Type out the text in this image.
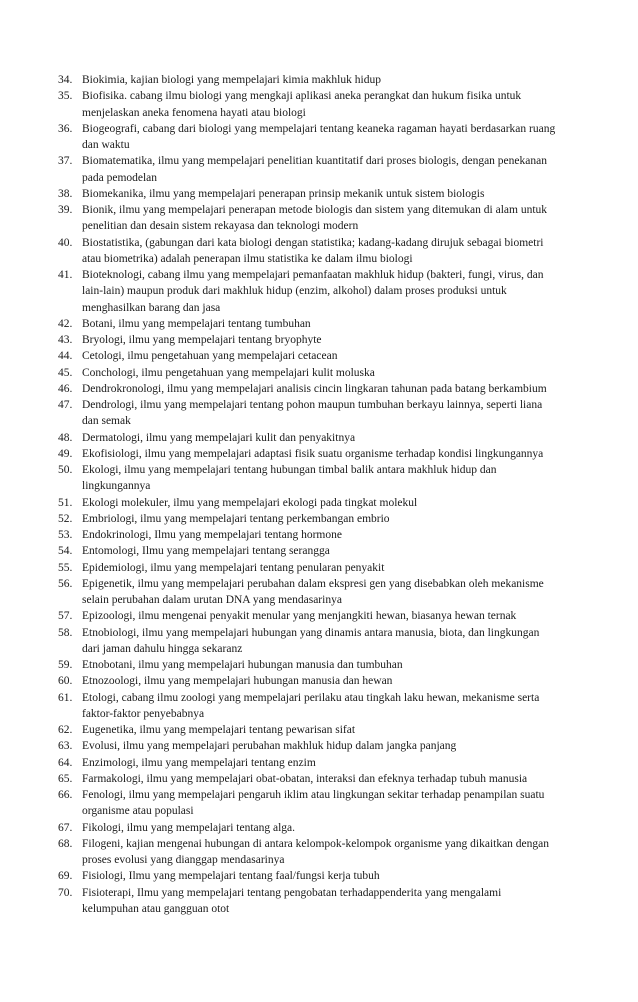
34. Biokimia, kajian biologi yang mempelajari kimia makhluk hidup
35. Biofisika. cabang ilmu biologi yang mengkaji aplikasi aneka perangkat dan hukum fisika untuk menjelaskan aneka fenomena hayati atau biologi
36. Biogeografi, cabang dari biologi yang mempelajari tentang keaneka ragaman hayati berdasarkan ruang dan waktu
37. Biomatematika, ilmu yang mempelajari penelitian kuantitatif dari proses biologis, dengan penekanan pada pemodelan
38. Biomekanika, ilmu yang mempelajari penerapan prinsip mekanik untuk sistem biologis
39. Bionik, ilmu yang mempelajari penerapan metode biologis dan sistem yang ditemukan di alam untuk penelitian dan desain sistem rekayasa dan teknologi modern
40. Biostatistika, (gabungan dari kata biologi dengan statistika; kadang-kadang dirujuk sebagai biometri atau biometrika) adalah penerapan ilmu statistika ke dalam ilmu biologi
41. Bioteknologi, cabang ilmu yang mempelajari pemanfaatan makhluk hidup (bakteri, fungi, virus, dan lain-lain) maupun produk dari makhluk hidup (enzim, alkohol) dalam proses produksi untuk menghasilkan barang dan jasa
42. Botani, ilmu yang mempelajari tentang tumbuhan
43. Bryologi, ilmu yang mempelajari tentang bryophyte
44. Cetologi, ilmu pengetahuan yang mempelajari cetacean
45. Conchologi, ilmu pengetahuan yang mempelajari kulit moluska
46. Dendrokronologi, ilmu yang mempelajari analisis cincin lingkaran tahunan pada batang berkambium
47. Dendrologi, ilmu yang mempelajari tentang pohon maupun tumbuhan berkayu lainnya, seperti liana dan semak
48. Dermatologi, ilmu yang mempelajari kulit dan penyakitnya
49. Ekofisiologi, ilmu yang mempelajari adaptasi fisik suatu organisme terhadap kondisi lingkungannya
50. Ekologi, ilmu yang mempelajari tentang hubungan timbal balik antara makhluk hidup dan lingkungannya
51. Ekologi molekuler, ilmu yang mempelajari ekologi pada tingkat molekul
52. Embriologi, ilmu yang mempelajari tentang perkembangan embrio
53. Endokrinologi, Ilmu yang mempelajari tentang hormone
54. Entomologi, Ilmu yang mempelajari tentang serangga
55. Epidemiologi, ilmu yang mempelajari tentang penularan penyakit
56. Epigenetik, ilmu yang mempelajari perubahan dalam ekspresi gen yang disebabkan oleh mekanisme selain perubahan dalam urutan DNA yang mendasarinya
57. Epizoologi, ilmu mengenai penyakit menular yang menjangkiti hewan, biasanya hewan ternak
58. Etnobiologi, ilmu yang mempelajari hubungan yang dinamis antara manusia, biota, dan lingkungan dari jaman dahulu hingga sekaranz
59. Etnobotani, ilmu yang mempelajari hubungan manusia dan tumbuhan
60. Etnozoologi, ilmu yang mempelajari hubungan manusia dan hewan
61. Etologi, cabang ilmu zoologi yang mempelajari perilaku atau tingkah laku hewan, mekanisme serta faktor-faktor penyebabnya
62. Eugenetika, ilmu yang mempelajari tentang pewarisan sifat
63. Evolusi, ilmu yang mempelajari perubahan makhluk hidup dalam jangka panjang
64. Enzimologi, ilmu yang mempelajari tentang enzim
65. Farmakologi, ilmu yang mempelajari obat-obatan, interaksi dan efeknya terhadap tubuh manusia
66. Fenologi, ilmu yang mempelajari pengaruh iklim atau lingkungan sekitar terhadap penampilan suatu organisme atau populasi
67. Fikologi, ilmu yang mempelajari tentang alga.
68. Filogeni, kajian mengenai hubungan di antara kelompok-kelompok organisme yang dikaitkan dengan proses evolusi yang dianggap mendasarinya
69. Fisiologi, Ilmu yang mempelajari tentang faal/fungsi kerja tubuh
70. Fisioterapi, Ilmu yang mempelajari tentang pengobatan terhadappenderita yang mengalami kelumpuhan atau gangguan otot
